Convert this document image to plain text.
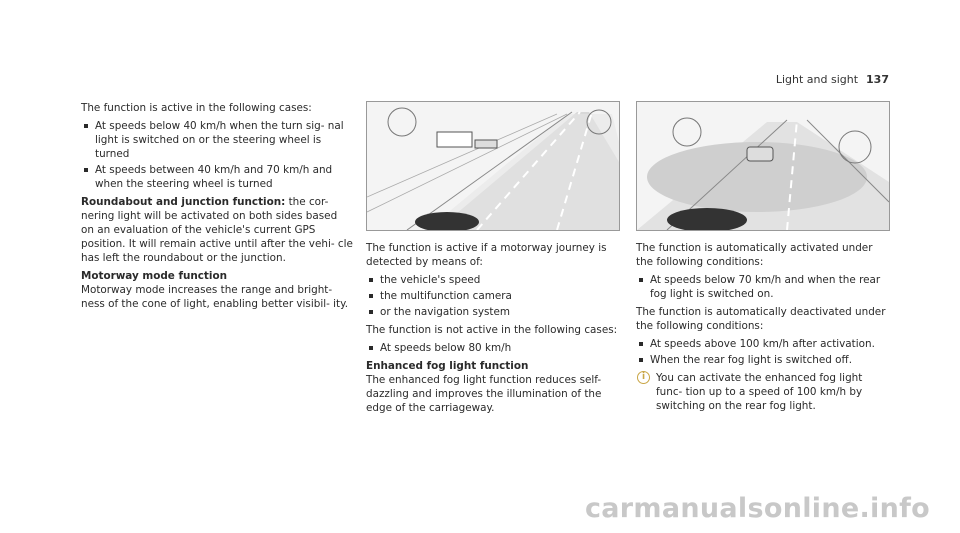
Light and sight 137

The function is active in the following cases:

At speeds below 40 km/h when the turn sig- nal light is switched on or the steering wheel is turned
At speeds between 40 km/h and 70 km/h and when the steering wheel is turned

Roundabout and junction function: the cor- nering light will be activated on both sides based on an evaluation of the vehicle's current GPS position. It will remain active until after the vehi- cle has left the roundabout or the junction.

Motorway mode function

Motorway mode increases the range and bright- ness of the cone of light, enabling better visibil- ity.

The function is active if a motorway journey is detected by means of:

the vehicle's speed
the multifunction camera
or the navigation system

The function is not active in the following cases:

At speeds below 80 km/h

Enhanced fog light function

The enhanced fog light function reduces self- dazzling and improves the illumination of the edge of the carriageway.

The function is automatically activated under the following conditions:

At speeds below 70 km/h and when the rear fog light is switched on.

The function is automatically deactivated under the following conditions:

At speeds above 100 km/h after activation.
When the rear fog light is switched off.
i	You can activate the enhanced fog light func- tion up to a speed of 100 km/h by switching on the rear fog light.
carmanualsonline.info
